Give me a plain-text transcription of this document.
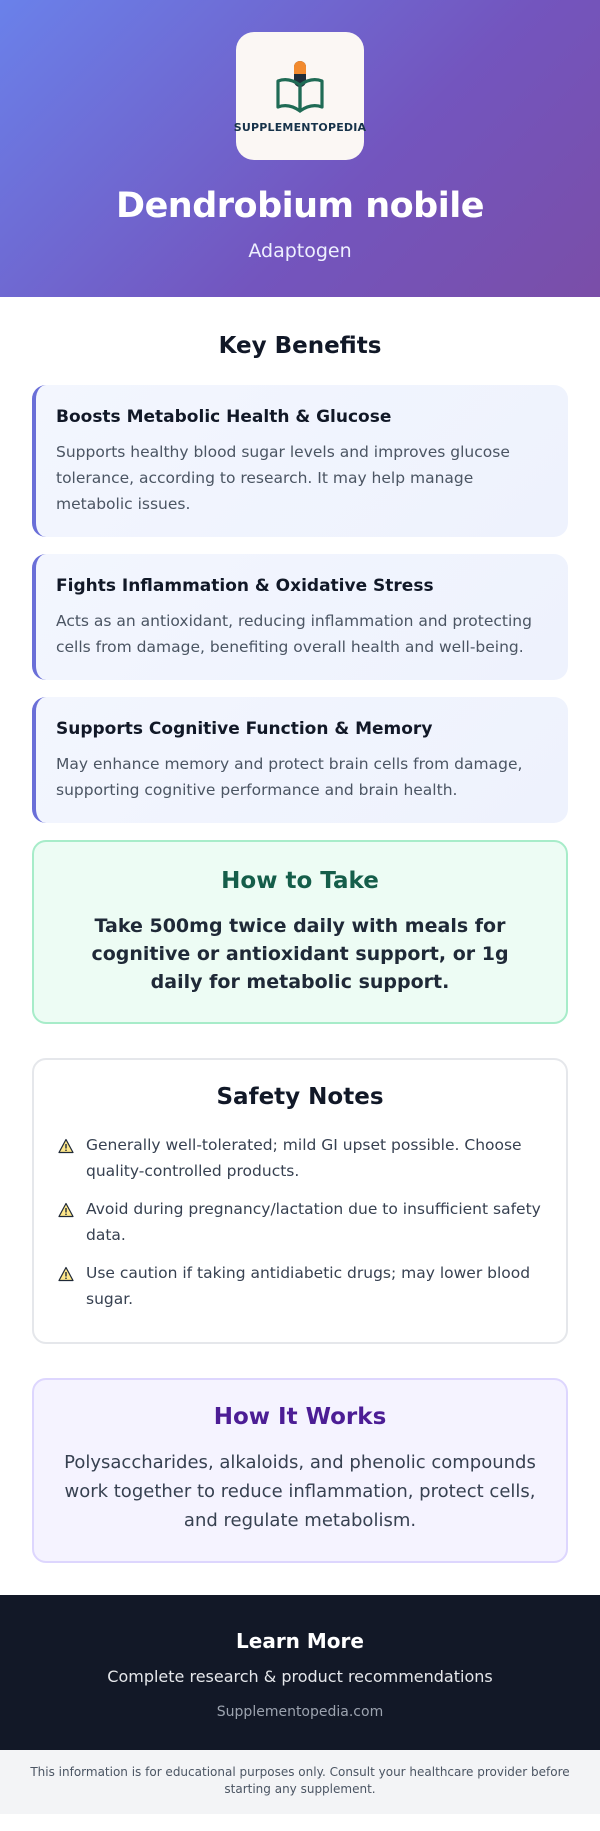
SUPPLEMENTOPEDIA
Dendrobium nobile
Adaptogen
Key Benefits
Boosts Metabolic Health & Glucose

Supports healthy blood sugar levels and improves glucose tolerance, according to research. It may help manage metabolic issues.

Fights Inflammation & Oxidative Stress

Acts as an antioxidant, reducing inflammation and protecting cells from damage, benefiting overall health and well-being.

Supports Cognitive Function & Memory

May enhance memory and protect brain cells from damage, supporting cognitive performance and brain health.

How to Take

Take 500mg twice daily with meals for cognitive or antioxidant support, or 1g daily for metabolic support.

Safety Notes
Generally well-tolerated; mild GI upset possible. Choose quality-controlled products.
Avoid during pregnancy/lactation due to insufficient safety data.
Use caution if taking antidiabetic drugs; may lower blood sugar.
How It Works

Polysaccharides, alkaloids, and phenolic compounds work together to reduce inflammation, protect cells, and regulate metabolism.

Learn More
Complete research & product recommendations
Supplementopedia.com
This information is for educational purposes only. Consult your healthcare provider before starting any supplement.
